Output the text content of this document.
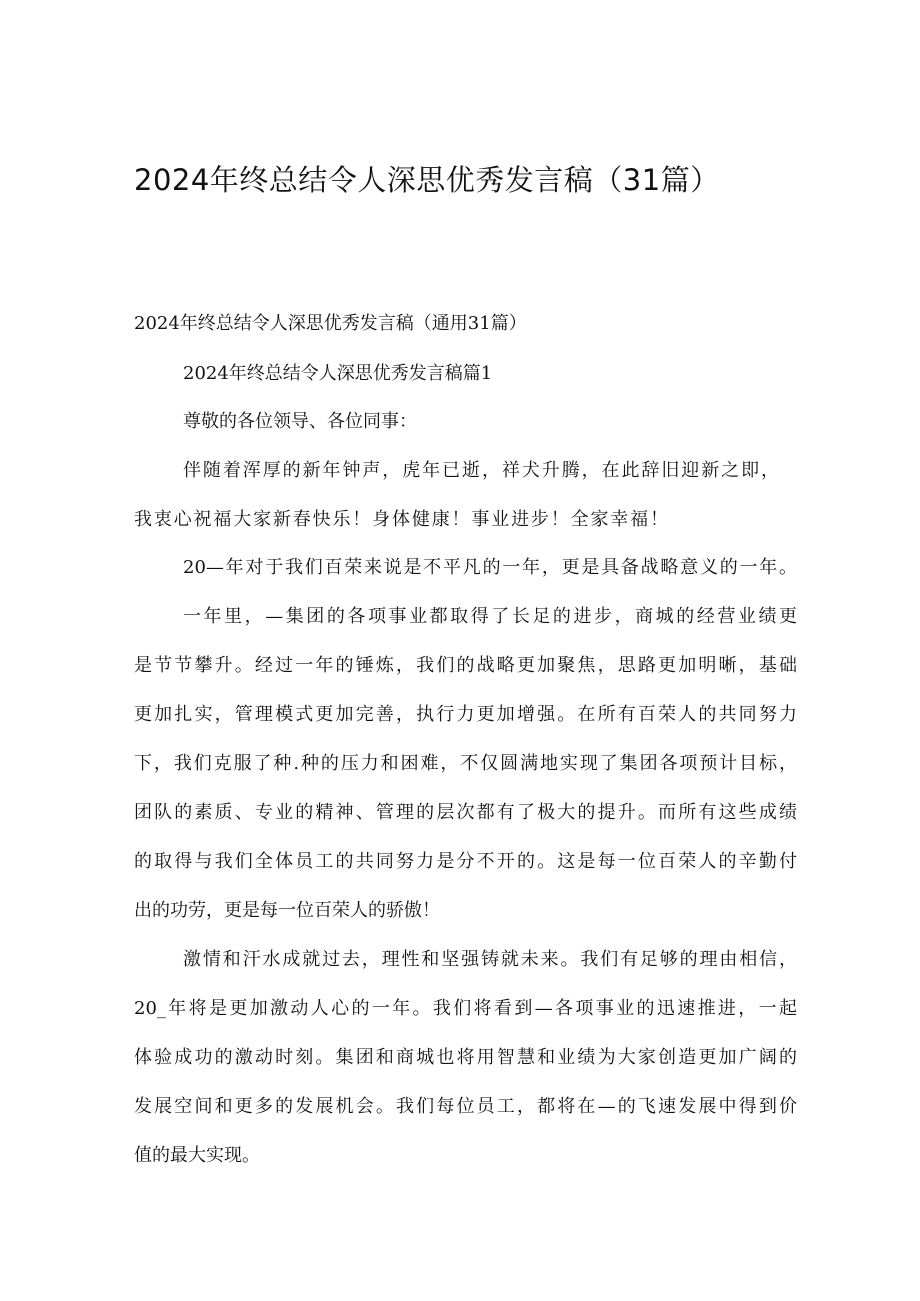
2024年终总结令人深思优秀发言稿（31篇）

2024年终总结令人深思优秀发言稿（通用31篇）

2024年终总结令人深思优秀发言稿篇1

尊敬的各位领导、各位同事：

伴随着浑厚的新年钟声，虎年已逝，祥犬升腾，在此辞旧迎新之即，

我衷心祝福大家新春快乐！身体健康！事业进步！全家幸福！

20—年对于我们百荣来说是不平凡的一年，更是具备战略意义的一年。

一年里，—集团的各项事业都取得了长足的进步，商城的经营业绩更

是节节攀升。经过一年的锤炼，我们的战略更加聚焦，思路更加明晰，基础

更加扎实，管理模式更加完善，执行力更加增强。在所有百荣人的共同努力

下，我们克服了种.种的压力和困难，不仅圆满地实现了集团各项预计目标，

团队的素质、专业的精神、管理的层次都有了极大的提升。而所有这些成绩

的取得与我们全体员工的共同努力是分不开的。这是每一位百荣人的辛勤付

出的功劳，更是每一位百荣人的骄傲！

激情和汗水成就过去，理性和坚强铸就未来。我们有足够的理由相信，

20_年将是更加激动人心的一年。我们将看到—各项事业的迅速推进，一起

体验成功的激动时刻。集团和商城也将用智慧和业绩为大家创造更加广阔的

发展空间和更多的发展机会。我们每位员工，都将在—的飞速发展中得到价

值的最大实现。
